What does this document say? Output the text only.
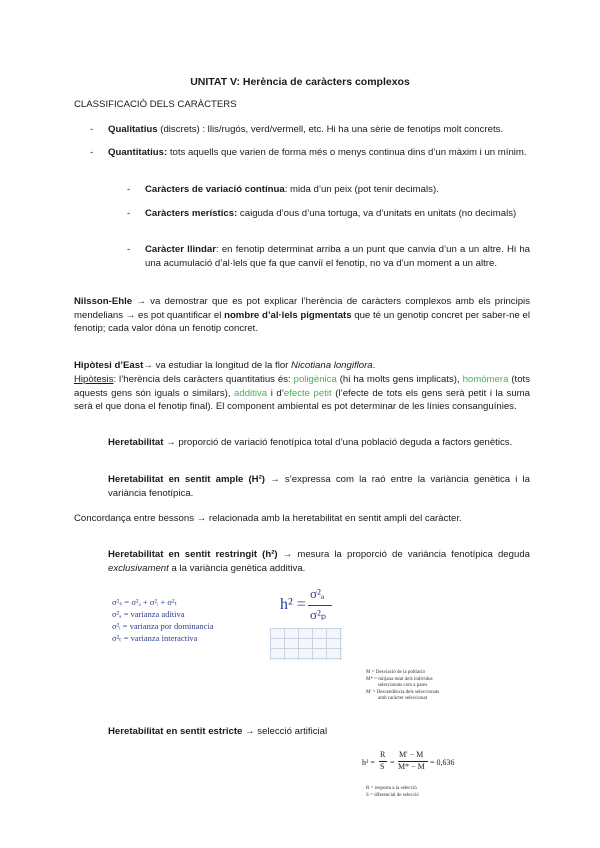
UNITAT V: Herència de caràcters complexos
CLASSIFICACIÓ DELS CARÀCTERS
- Qualitatius (discrets) : llis/rugós, verd/vermell, etc. Hi ha una sèrie de fenotips molt concrets.
- Quantitatius: tots aquells que varien de forma més o menys continua dins d’un màxim i un mínim.
- Caràcters de variació contínua: mida d’un peix (pot tenir decimals).
- Caràcters merístics: caiguda d’ous d’una tortuga, va d’unitats en unitats (no decimals)
- Caràcter llindar: en fenotip determinat arriba a un punt que canvia d’un a un altre. Hi ha una acumulació d’al·lels que fa que canviï el fenotip, no va d’un moment a un altre.
Nilsson-Ehle → va demostrar que es pot explicar l’herència de caràcters complexos amb els principis mendelians → es pot quantificar el nombre d’al·lels pigmentats que té un genotip concret per saber-ne el fenotip; cada valor dóna un fenotip concret.
Hipòtesi d’East→ va estudiar la longitud de la flor Nicotiana longiflora.
Hipòtesis: l’herència dels caràcters quantitatius és: poligènica (hi ha molts gens implicats), homòmera (tots aquests gens són iguals o similars), additiva i d’efecte petit (l’efecte de tots els gens serà petit i la suma serà el que dona el fenotip final). El component ambiental es pot determinar de les línies consanguínies.
Heretabilitat → proporció de variació fenotípica total d’una població deguda a factors genètics.
Heretabilitat en sentit ample (H²) → s’expressa com la raó entre la variància genètica i la variància fenotípica.
Concordança entre bessons → relacionada amb la heretabilitat en sentit ampli del caràcter.
Heretabilitat en sentit restringit (h²) → mesura la proporció de variància fenotípica deguda exclusivament a la variància genètica additiva.
σ²ₛ = σ²ₐ + σ²ᵢ + σ²ₜ
σ²ₐ = varianza aditiva
σ²ᵢ = varianza por dominancia
σ²ₜ = varianza interactiva
h² =
σ²ₐ
σ²ₚ
M = Desviació de la població
M* = mitjana total dels individus
seleccionats com a pares
M' = Descendència dels seleccionats
amb caràcter seleccionat
Heretabilitat en sentit estricte → selecció artificial
h² =
R
S =
M' − M
M* − M = 0,636
R = resposta a la selecció
S = diferencial de selecció
